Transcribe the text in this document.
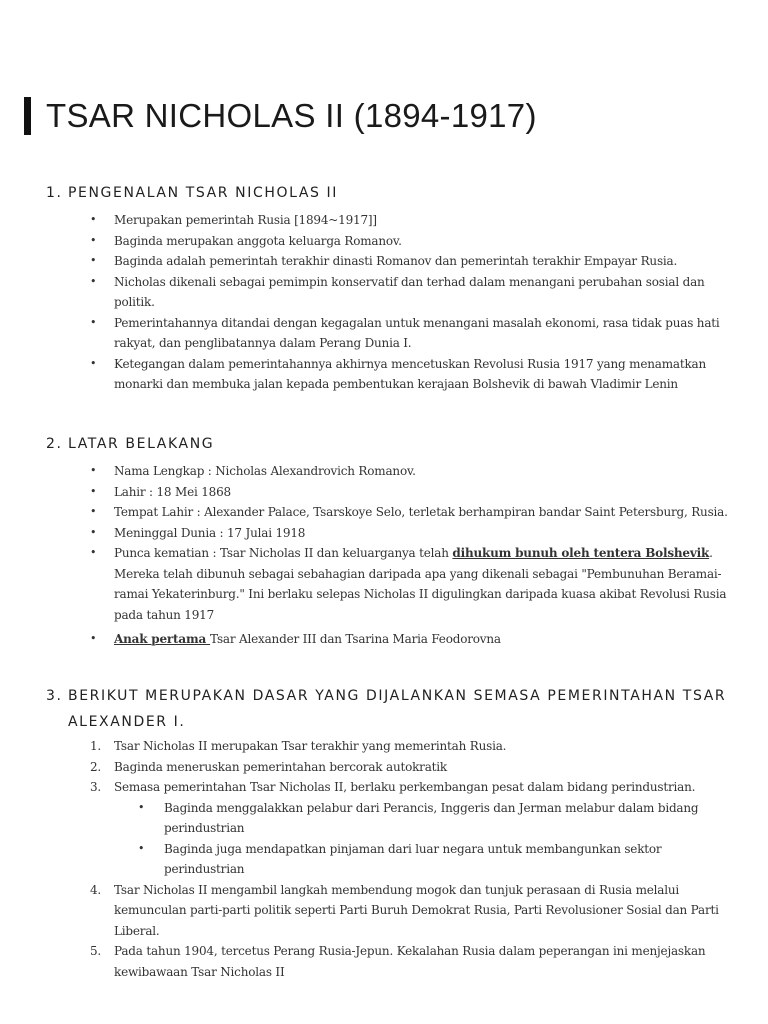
TSAR NICHOLAS II (1894-1917)
1. PENGENALAN TSAR NICHOLAS II
• Merupakan pemerintah Rusia [1894~1917]]
• Baginda merupakan anggota keluarga Romanov.
• Baginda adalah pemerintah terakhir dinasti Romanov dan pemerintah terakhir Empayar Rusia.
• Nicholas dikenali sebagai pemimpin konservatif dan terhad dalam menangani perubahan sosial dan politik.
• Pemerintahannya ditandai dengan kegagalan untuk menangani masalah ekonomi, rasa tidak puas hati rakyat, dan penglibatannya dalam Perang Dunia I.
• Ketegangan dalam pemerintahannya akhirnya mencetuskan Revolusi Rusia 1917 yang menamatkan monarki dan membuka jalan kepada pembentukan kerajaan Bolshevik di bawah Vladimir Lenin
2. LATAR BELAKANG
• Nama Lengkap : Nicholas Alexandrovich Romanov.
• Lahir : 18 Mei 1868
• Tempat Lahir : Alexander Palace, Tsarskoye Selo, terletak berhampiran bandar Saint Petersburg, Rusia.
• Meninggal Dunia : 17 Julai 1918
• Punca kematian : Tsar Nicholas II dan keluarganya telah dihukum bunuh oleh tentera Bolshevik. Mereka telah dibunuh sebagai sebahagian daripada apa yang dikenali sebagai "Pembunuhan Beramai-ramai Yekaterinburg." Ini berlaku selepas Nicholas II digulingkan daripada kuasa akibat Revolusi Rusia pada tahun 1917
• Anak pertama Tsar Alexander III dan Tsarina Maria Feodorovna
3. BERIKUT MERUPAKAN DASAR YANG DIJALANKAN SEMASA PEMERINTAHAN TSAR
ALEXANDER I.
1.	Tsar Nicholas II merupakan Tsar terakhir yang memerintah Rusia.
2.	Baginda meneruskan pemerintahan bercorak autokratik
3.	Semasa pemerintahan Tsar Nicholas II, berlaku perkembangan pesat dalam bidang perindustrian.
• Baginda menggalakkan pelabur dari Perancis, Inggeris dan Jerman melabur dalam bidang perindustrian
• Baginda juga mendapatkan pinjaman dari luar negara untuk membangunkan sektor perindustrian
4.	Tsar Nicholas II mengambil langkah membendung mogok dan tunjuk perasaan di Rusia melalui kemunculan parti-parti politik seperti Parti Buruh Demokrat Rusia, Parti Revolusioner Sosial dan Parti Liberal.
5.	Pada tahun 1904, tercetus Perang Rusia-Jepun. Kekalahan Rusia dalam peperangan ini menjejaskan kewibawaan Tsar Nicholas II
